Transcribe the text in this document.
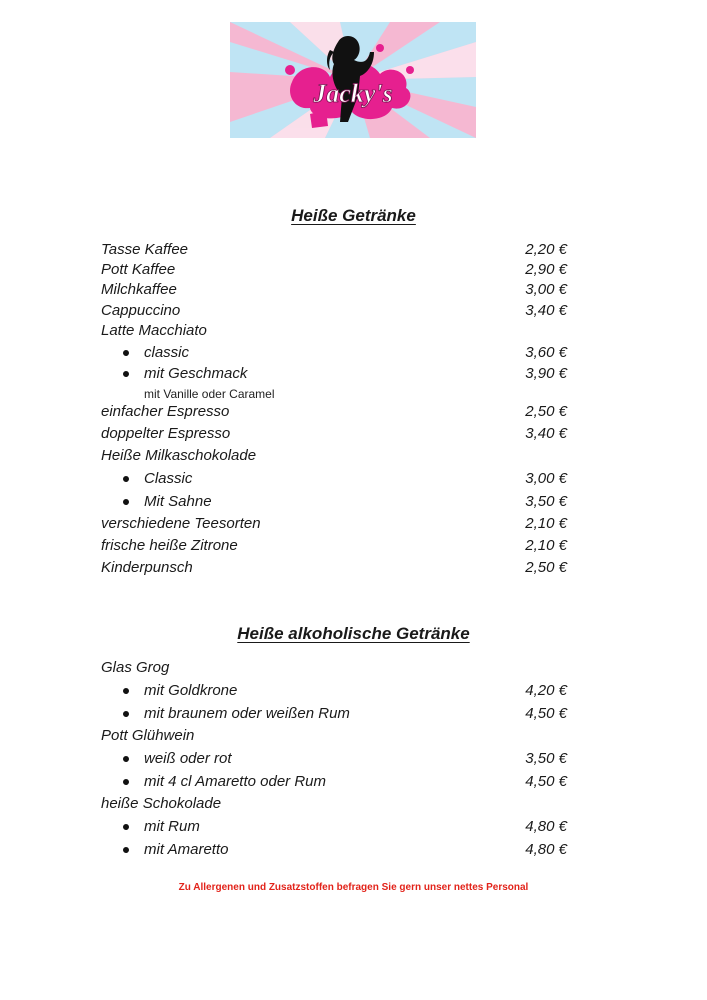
Jacky's
Heiße Getränke
Tasse Kaffee	2,20 €
Pott Kaffee	2,90 €
Milchkaffee	3,00 €
Cappuccino	3,40 €
Latte Macchiato
classic	3,60 €
mit Geschmack	3,90 €
mit Vanille oder Caramel
einfacher Espresso	2,50 €
doppelter Espresso	3,40 €
Heiße Milkaschokolade
Classic	3,00 €
Mit Sahne	3,50 €
verschiedene Teesorten	2,10 €
frische heiße Zitrone	2,10 €
Kinderpunsch	2,50 €
Heiße alkoholische Getränke
Glas Grog
mit Goldkrone	4,20 €
mit braunem oder weißen Rum	4,50 €
Pott Glühwein
weiß oder rot	3,50 €
mit 4 cl Amaretto oder Rum	4,50 €
heiße Schokolade
mit Rum	4,80 €
mit Amaretto	4,80 €
Zu Allergenen und Zusatzstoffen befragen Sie gern unser nettes Personal
